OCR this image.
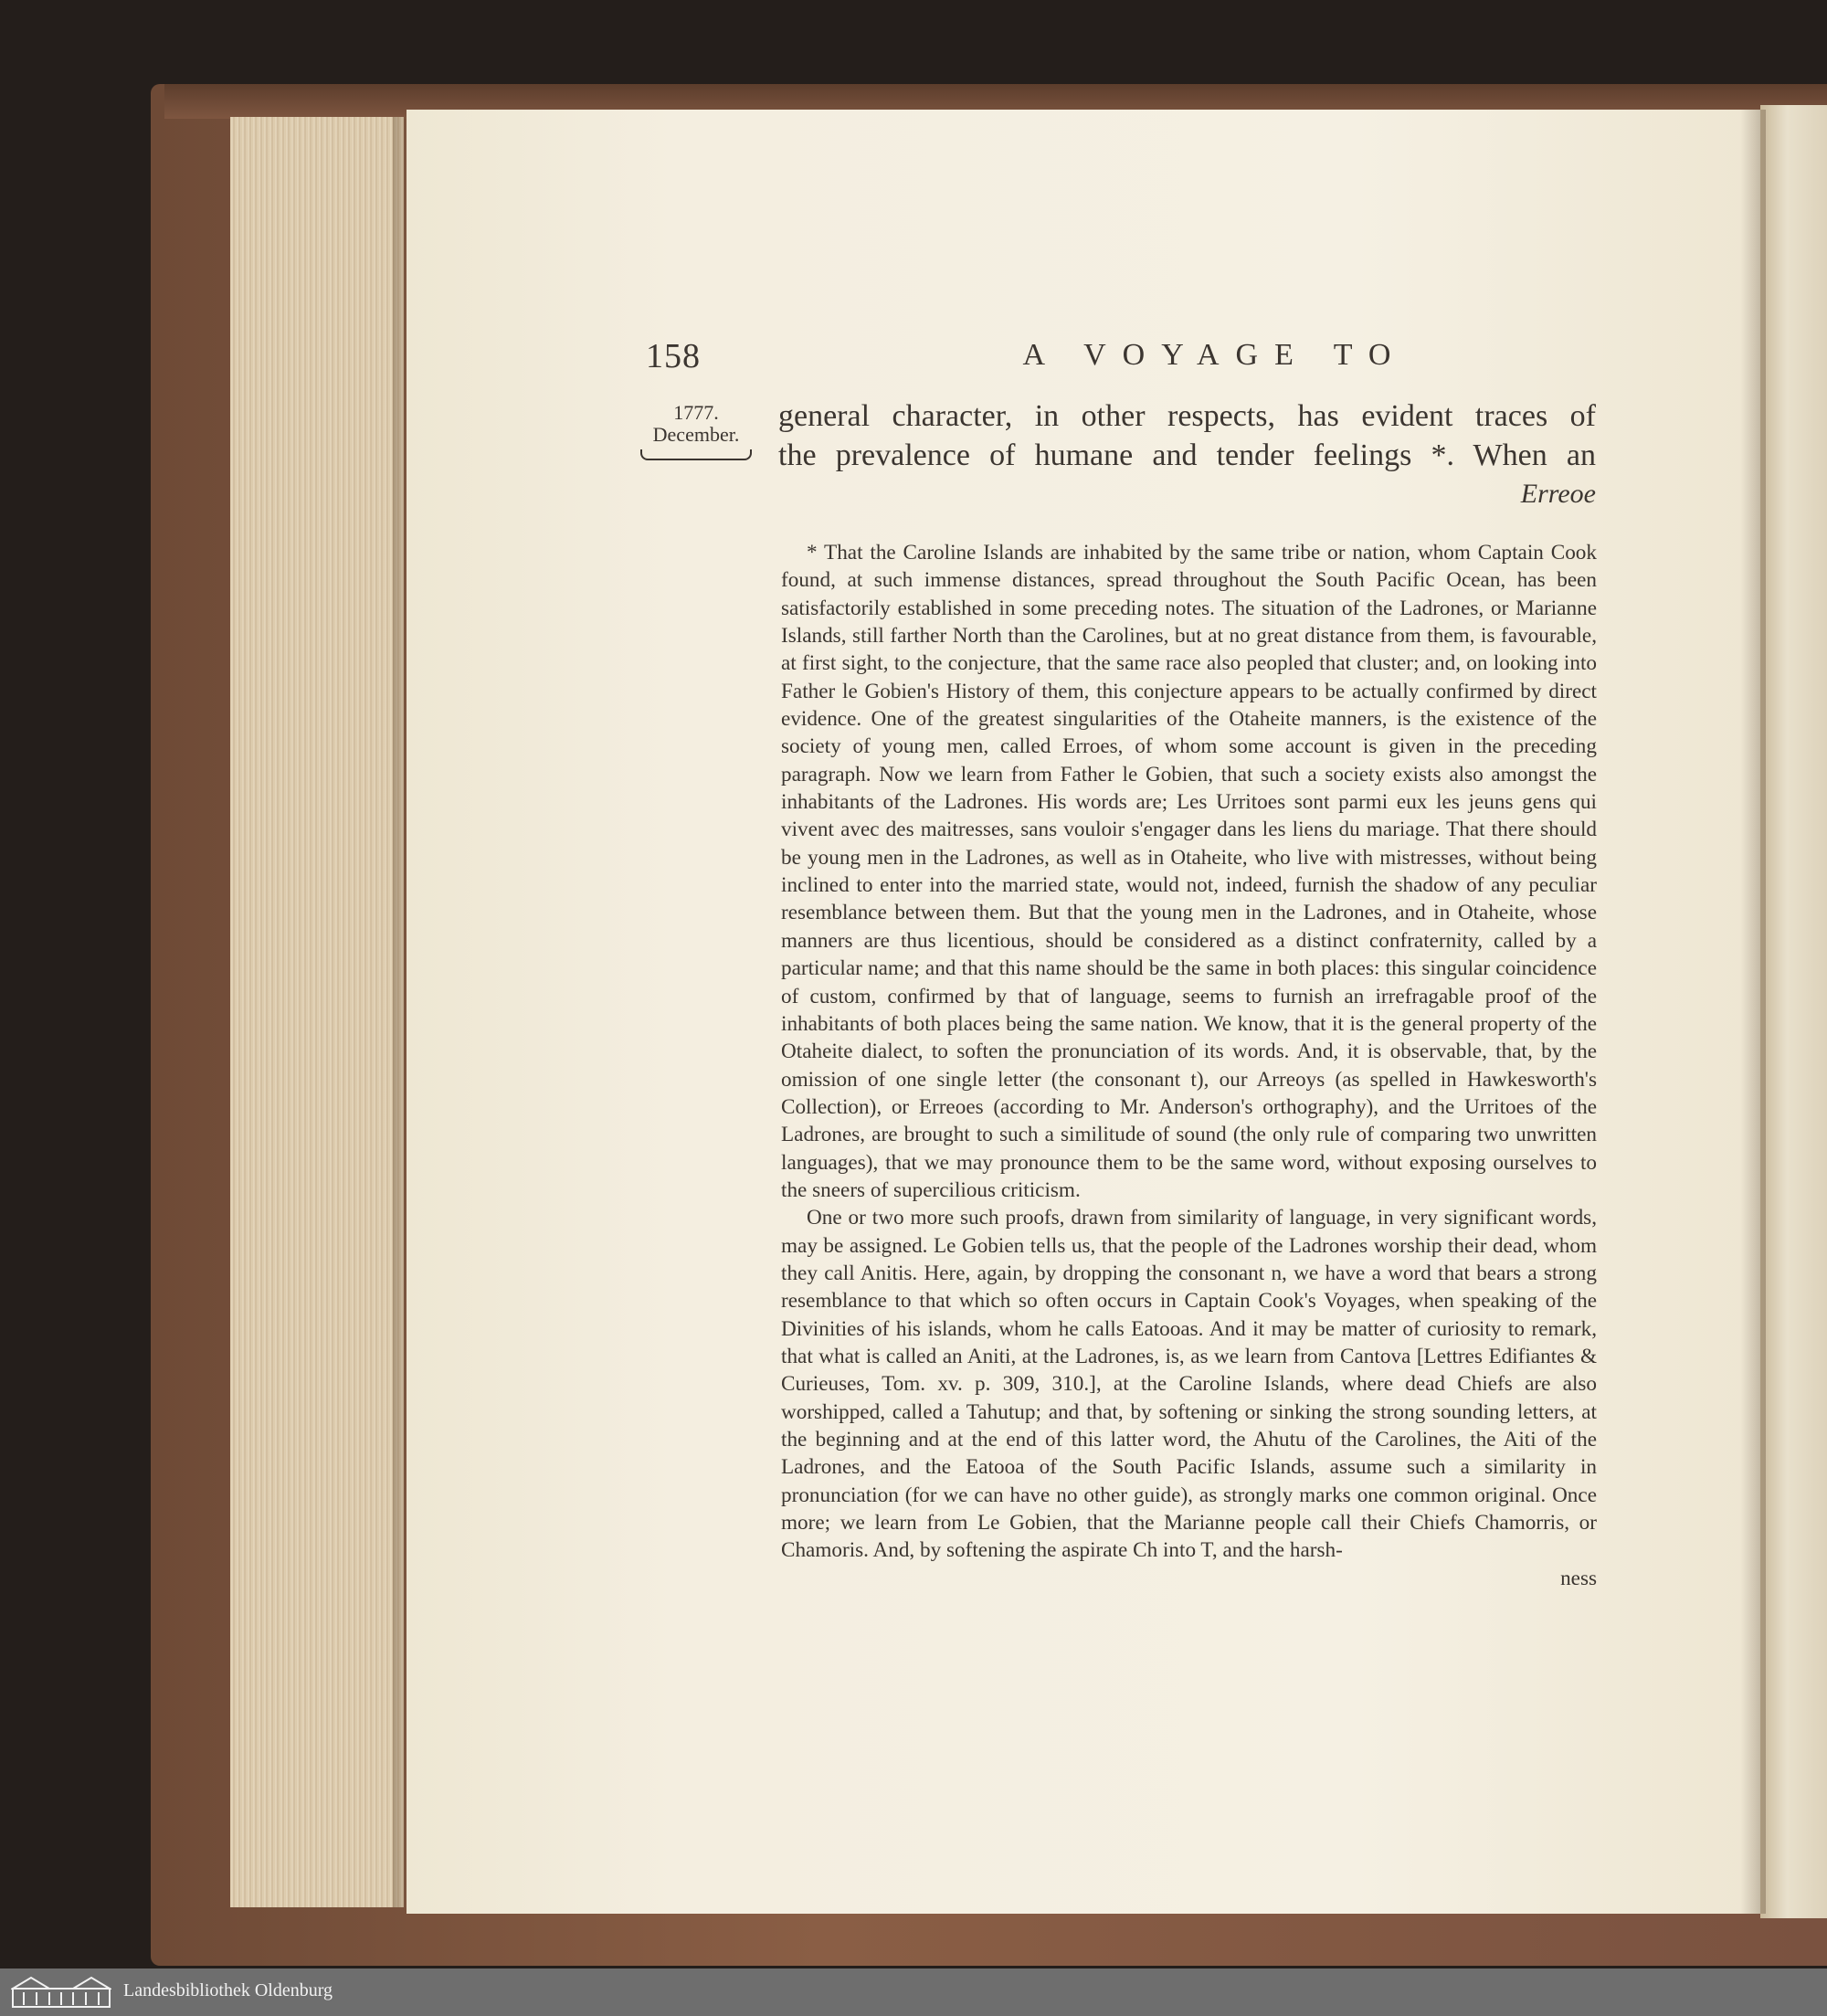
158	A VOYAGE TO
1777.
December.
general character, in other respects, has evident traces of
the prevalence of humane and tender feelings *. When an
Erreoe

* That the Caroline Islands are inhabited by the same tribe or nation, whom Captain Cook found, at such immense distances, spread throughout the South Pacific Ocean, has been satisfactorily established in some preceding notes. The situation of the Ladrones, or Marianne Islands, still farther North than the Carolines, but at no great distance from them, is favourable, at first sight, to the conjecture, that the same race also peopled that cluster; and, on looking into Father le Gobien's History of them, this conjecture appears to be actually confirmed by direct evidence. One of the greatest singularities of the Otaheite manners, is the existence of the society of young men, called Erroes, of whom some account is given in the preceding paragraph. Now we learn from Father le Gobien, that such a society exists also amongst the inhabitants of the Ladrones. His words are; Les Urritoes sont parmi eux les jeuns gens qui vivent avec des maitresses, sans vouloir s'engager dans les liens du mariage. That there should be young men in the Ladrones, as well as in Otaheite, who live with mistresses, without being inclined to enter into the married state, would not, indeed, furnish the shadow of any peculiar resemblance between them. But that the young men in the Ladrones, and in Otaheite, whose manners are thus licentious, should be considered as a distinct confraternity, called by a particular name; and that this name should be the same in both places: this singular coincidence of custom, confirmed by that of language, seems to furnish an irrefragable proof of the inhabitants of both places being the same nation. We know, that it is the general property of the Otaheite dialect, to soften the pronunciation of its words. And, it is observable, that, by the omission of one single letter (the consonant t), our Arreoys (as spelled in Hawkesworth's Collection), or Erreoes (according to Mr. Anderson's orthography), and the Urritoes of the Ladrones, are brought to such a similitude of sound (the only rule of comparing two unwritten languages), that we may pronounce them to be the same word, without exposing ourselves to the sneers of supercilious criticism.

One or two more such proofs, drawn from similarity of language, in very significant words, may be assigned. Le Gobien tells us, that the people of the Ladrones worship their dead, whom they call Anitis. Here, again, by dropping the consonant n, we have a word that bears a strong resemblance to that which so often occurs in Captain Cook's Voyages, when speaking of the Divinities of his islands, whom he calls Eatooas. And it may be matter of curiosity to remark, that what is called an Aniti, at the Ladrones, is, as we learn from Cantova [Lettres Edifiantes & Curieuses, Tom. xv. p. 309, 310.], at the Caroline Islands, where dead Chiefs are also worshipped, called a Tahutup; and that, by softening or sinking the strong sounding letters, at the beginning and at the end of this latter word, the Ahutu of the Carolines, the Aiti of the Ladrones, and the Eatooa of the South Pacific Islands, assume such a similarity in pronunciation (for we can have no other guide), as strongly marks one common original. Once more; we learn from Le Gobien, that the Marianne people call their Chiefs Chamorris, or Chamoris. And, by softening the aspirate Ch into T, and the harsh-

ness
Landesbibliothek Oldenburg
